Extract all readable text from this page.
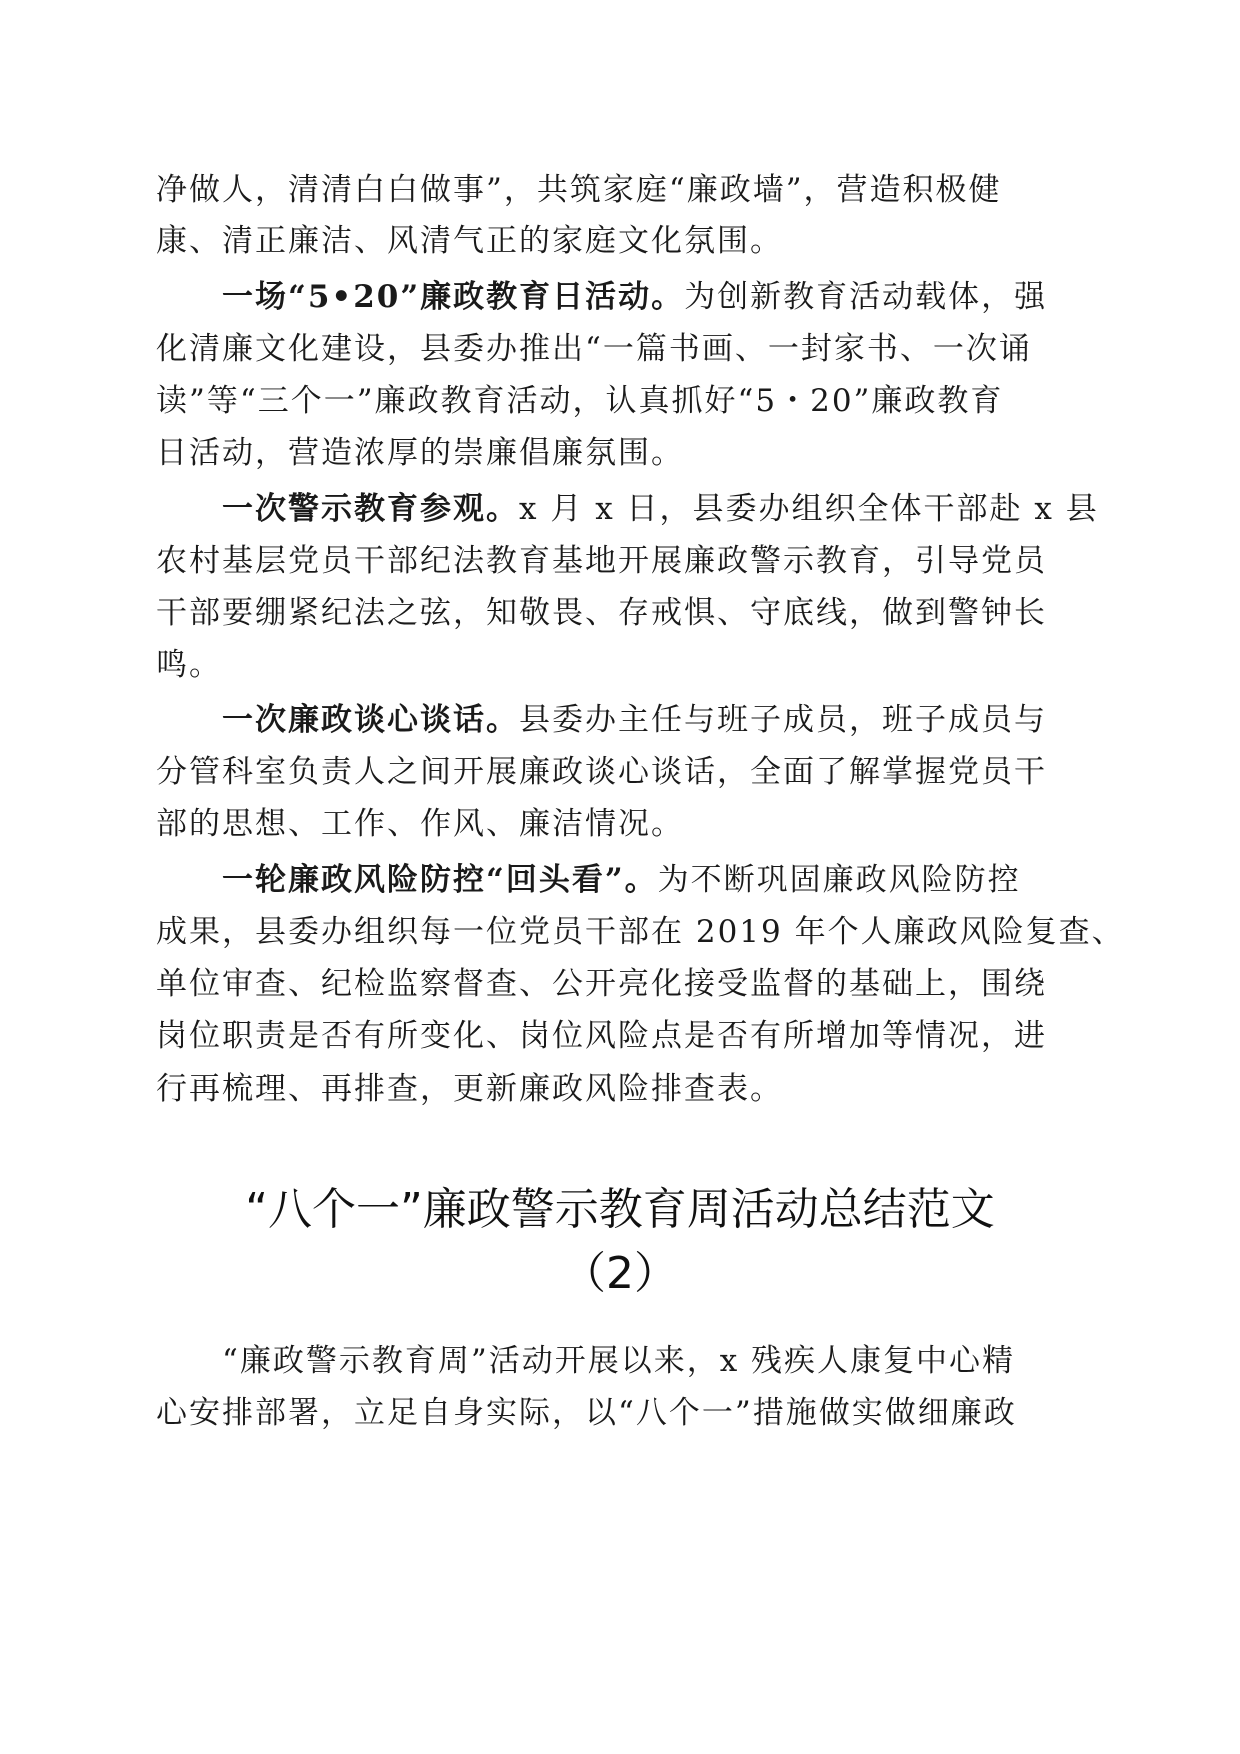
净做人，清清白白做事”，共筑家庭“廉政墙”，营造积极健
康、清正廉洁、风清气正的家庭文化氛围。
一场“5•20”廉政教育日活动。为创新教育活动载体，强
化清廉文化建设，县委办推出“一篇书画、一封家书、一次诵
读”等“三个一”廉政教育活动，认真抓好“5・20”廉政教育
日活动，营造浓厚的崇廉倡廉氛围。
一次警示教育参观。x 月 x 日，县委办组织全体干部赴 x 县
农村基层党员干部纪法教育基地开展廉政警示教育，引导党员
干部要绷紧纪法之弦，知敬畏、存戒惧、守底线，做到警钟长
鸣。
一次廉政谈心谈话。县委办主任与班子成员，班子成员与
分管科室负责人之间开展廉政谈心谈话，全面了解掌握党员干
部的思想、工作、作风、廉洁情况。
一轮廉政风险防控“回头看”。为不断巩固廉政风险防控
成果，县委办组织每一位党员干部在 2019 年个人廉政风险复查、
单位审查、纪检监察督查、公开亮化接受监督的基础上，围绕
岗位职责是否有所变化、岗位风险点是否有所增加等情况，进
行再梳理、再排查，更新廉政风险排查表。
“八个一”廉政警示教育周活动总结范文
（2）
“廉政警示教育周”活动开展以来，x 残疾人康复中心精
心安排部署，立足自身实际，以“八个一”措施做实做细廉政
